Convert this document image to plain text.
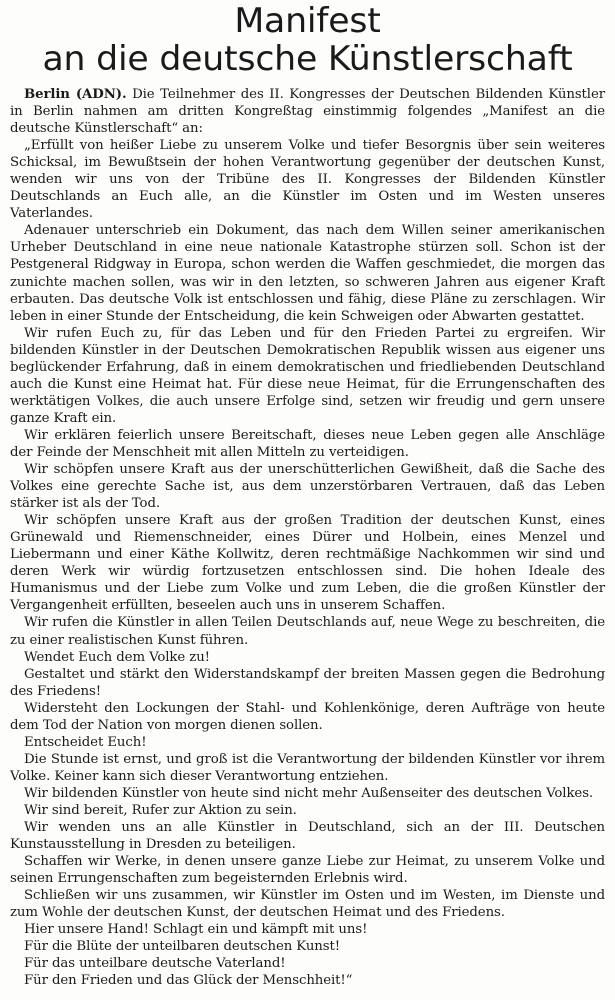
Manifest
an die deutsche Künstlerschaft

Berlin (ADN). Die Teilnehmer des II. Kongresses der Deutschen Bildenden Künstler in Berlin nahmen am dritten Kongreßtag einstimmig folgendes „Manifest an die deutsche Künstlerschaft“ an:

„Erfüllt von heißer Liebe zu unserem Volke und tiefer Besorgnis über sein weiteres Schicksal, im Bewußtsein der hohen Verantwortung gegenüber der deutschen Kunst, wenden wir uns von der Tribüne des II. Kongresses der Bildenden Künstler Deutschlands an Euch alle, an die Künstler im Osten und im Westen unseres Vaterlandes.

Adenauer unterschrieb ein Dokument, das nach dem Willen seiner amerikanischen Urheber Deutschland in eine neue nationale Katastrophe stürzen soll. Schon ist der Pestgeneral Ridgway in Europa, schon werden die Waffen geschmiedet, die morgen das zunichte machen sollen, was wir in den letzten, so schweren Jahren aus eigener Kraft erbauten. Das deutsche Volk ist entschlossen und fähig, diese Pläne zu zerschlagen. Wir leben in einer Stunde der Entscheidung, die kein Schweigen oder Abwarten gestattet.

Wir rufen Euch zu, für das Leben und für den Frieden Partei zu ergreifen. Wir bildenden Künstler in der Deutschen Demokratischen Republik wissen aus eigener uns beglückender Erfahrung, daß in einem demokratischen und friedliebenden Deutschland auch die Kunst eine Heimat hat. Für diese neue Heimat, für die Errungenschaften des werktätigen Volkes, die auch unsere Erfolge sind, setzen wir freudig und gern unsere ganze Kraft ein.

Wir erklären feierlich unsere Bereitschaft, dieses neue Leben gegen alle Anschläge der Feinde der Menschheit mit allen Mitteln zu verteidigen.

Wir schöpfen unsere Kraft aus der unerschütterlichen Gewißheit, daß die Sache des Volkes eine gerechte Sache ist, aus dem unzerstörbaren Vertrauen, daß das Leben stärker ist als der Tod.

Wir schöpfen unsere Kraft aus der großen Tradition der deutschen Kunst, eines Grünewald und Riemenschneider, eines Dürer und Holbein, eines Menzel und Liebermann und einer Käthe Kollwitz, deren rechtmäßige Nachkommen wir sind und deren Werk wir würdig fortzusetzen entschlossen sind. Die hohen Ideale des Humanismus und der Liebe zum Volke und zum Leben, die die großen Künstler der Vergangenheit erfüllten, beseelen auch uns in unserem Schaffen.

Wir rufen die Künstler in allen Teilen Deutschlands auf, neue Wege zu beschreiten, die zu einer realistischen Kunst führen.

Wendet Euch dem Volke zu!

Gestaltet und stärkt den Widerstandskampf der breiten Massen gegen die Bedrohung des Friedens!

Widersteht den Lockungen der Stahl- und Kohlenkönige, deren Aufträge von heute dem Tod der Nation von morgen dienen sollen.

Entscheidet Euch!

Die Stunde ist ernst, und groß ist die Verantwortung der bildenden Künstler vor ihrem Volke. Keiner kann sich dieser Verantwortung entziehen.

Wir bildenden Künstler von heute sind nicht mehr Außenseiter des deutschen Volkes.

Wir sind bereit, Rufer zur Aktion zu sein.

Wir wenden uns an alle Künstler in Deutschland, sich an der III. Deutschen Kunstausstellung in Dresden zu beteiligen.

Schaffen wir Werke, in denen unsere ganze Liebe zur Heimat, zu unserem Volke und seinen Errungenschaften zum begeisternden Erlebnis wird.

Schließen wir uns zusammen, wir Künstler im Osten und im Westen, im Dienste und zum Wohle der deutschen Kunst, der deutschen Heimat und des Friedens.

Hier unsere Hand! Schlagt ein und kämpft mit uns!

Für die Blüte der unteilbaren deutschen Kunst!

Für das unteilbare deutsche Vaterland!

Für den Frieden und das Glück der Menschheit!“
